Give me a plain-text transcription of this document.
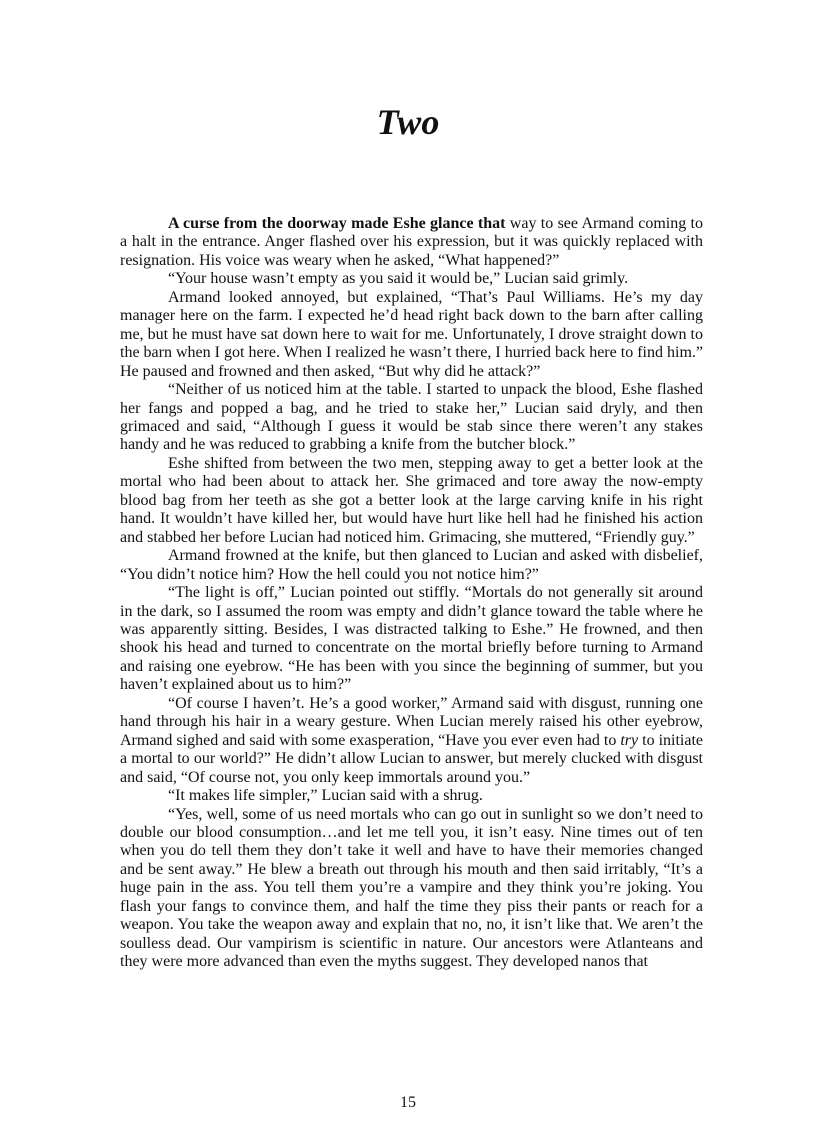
Two

A curse from the doorway made Eshe glance that way to see Armand coming to a halt in the entrance. Anger flashed over his expression, but it was quickly replaced with resignation. His voice was weary when he asked, “What happened?”

“Your house wasn’t empty as you said it would be,” Lucian said grimly.

Armand looked annoyed, but explained, “That’s Paul Williams. He’s my day manager here on the farm. I expected he’d head right back down to the barn after calling me, but he must have sat down here to wait for me. Unfortunately, I drove straight down to the barn when I got here. When I realized he wasn’t there, I hurried back here to find him.” He paused and frowned and then asked, “But why did he attack?”

“Neither of us noticed him at the table. I started to unpack the blood, Eshe flashed her fangs and popped a bag, and he tried to stake her,” Lucian said dryly, and then grimaced and said, “Although I guess it would be stab since there weren’t any stakes handy and he was reduced to grabbing a knife from the butcher block.”

Eshe shifted from between the two men, stepping away to get a better look at the mortal who had been about to attack her. She grimaced and tore away the now-empty blood bag from her teeth as she got a better look at the large carving knife in his right hand. It wouldn’t have killed her, but would have hurt like hell had he finished his action and stabbed her before Lucian had noticed him. Grimacing, she muttered, “Friendly guy.”

Armand frowned at the knife, but then glanced to Lucian and asked with disbelief, “You didn’t notice him? How the hell could you not notice him?”

“The light is off,” Lucian pointed out stiffly. “Mortals do not generally sit around in the dark, so I assumed the room was empty and didn’t glance toward the table where he was apparently sitting. Besides, I was distracted talking to Eshe.” He frowned, and then shook his head and turned to concentrate on the mortal briefly before turning to Armand and raising one eyebrow. “He has been with you since the beginning of summer, but you haven’t explained about us to him?”

“Of course I haven’t. He’s a good worker,” Armand said with disgust, running one hand through his hair in a weary gesture. When Lucian merely raised his other eyebrow, Armand sighed and said with some exasperation, “Have you ever even had to try to initiate a mortal to our world?” He didn’t allow Lucian to answer, but merely clucked with disgust and said, “Of course not, you only keep immortals around you.”

“It makes life simpler,” Lucian said with a shrug.

“Yes, well, some of us need mortals who can go out in sunlight so we don’t need to double our blood consumption…and let me tell you, it isn’t easy. Nine times out of ten when you do tell them they don’t take it well and have to have their memories changed and be sent away.” He blew a breath out through his mouth and then said irritably, “It’s a huge pain in the ass. You tell them you’re a vampire and they think you’re joking. You flash your fangs to convince them, and half the time they piss their pants or reach for a weapon. You take the weapon away and explain that no, no, it isn’t like that. We aren’t the soulless dead. Our vampirism is scientific in nature. Our ancestors were Atlanteans and they were more advanced than even the myths suggest. They developed nanos that

15
